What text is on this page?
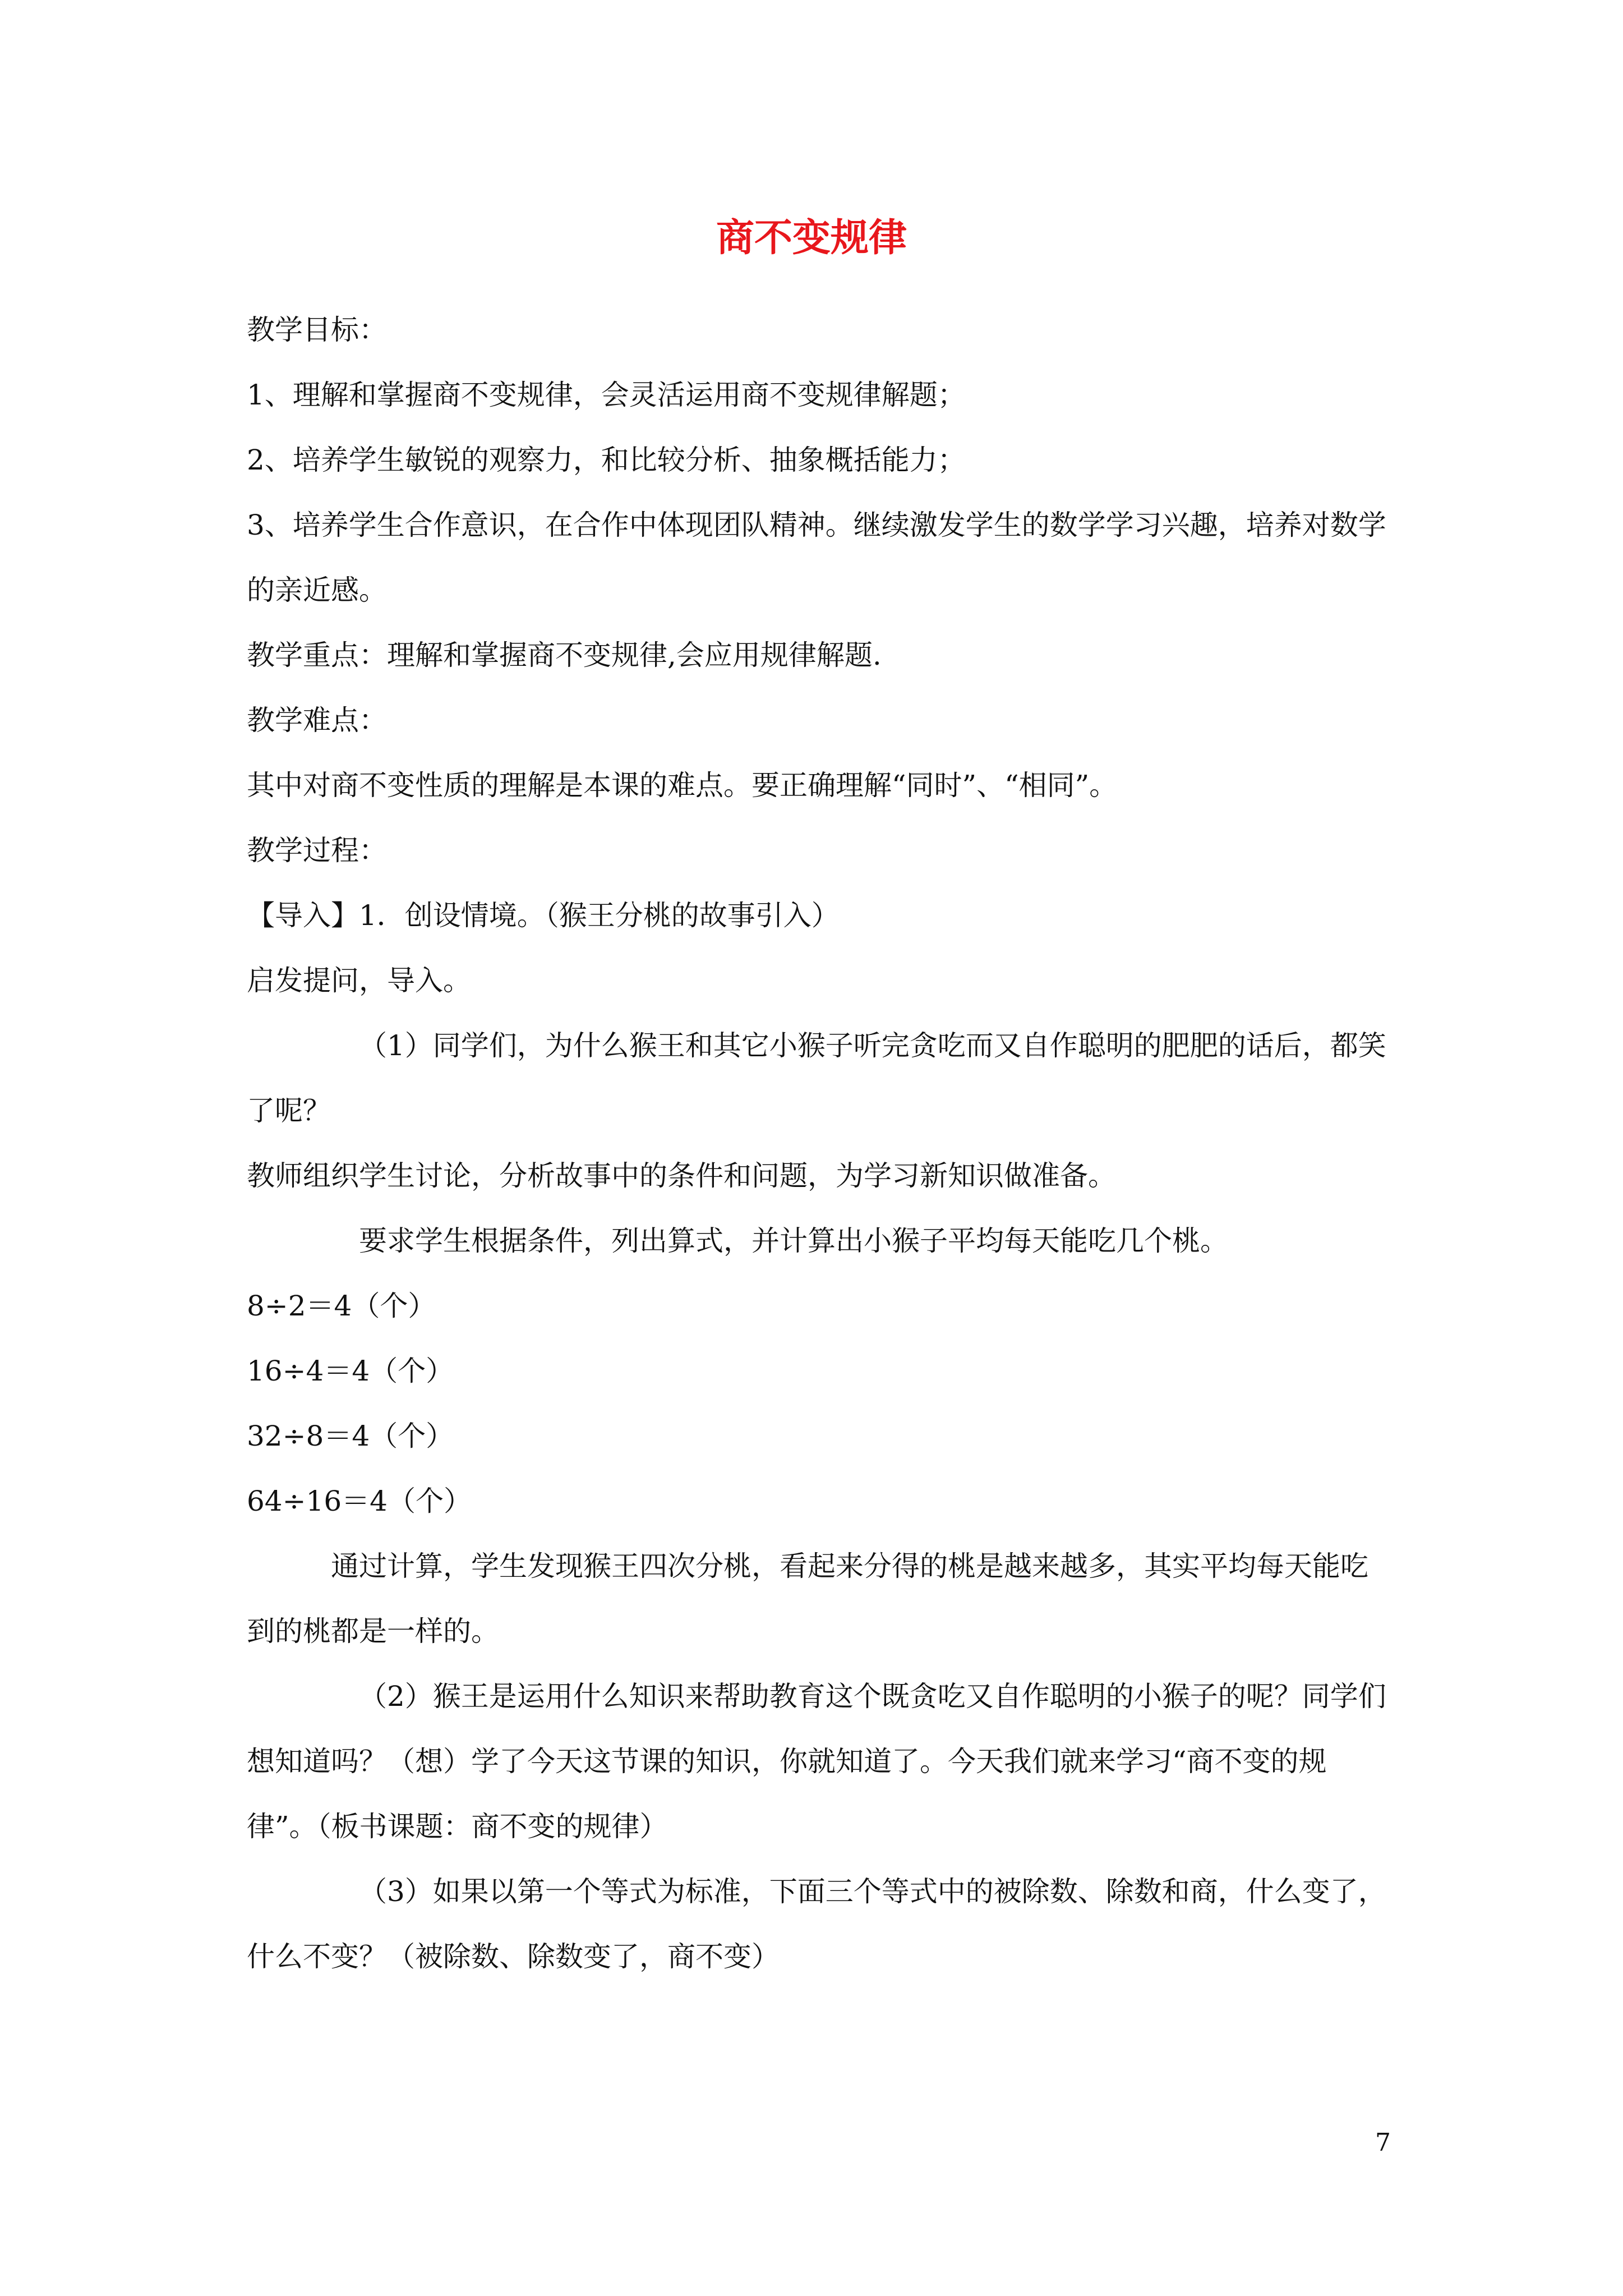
商不变规律

教学目标：

1、理解和掌握商不变规律，会灵活运用商不变规律解题；

2、培养学生敏锐的观察力，和比较分析、抽象概括能力；

3、培养学生合作意识，在合作中体现团队精神。继续激发学生的数学学习兴趣，培养对数学的亲近感。

教学重点：理解和掌握商不变规律,会应用规律解题.

教学难点：

其中对商不变性质的理解是本课的难点。要正确理解“同时”、“相同”。

教学过程：

【导入】1．创设情境。（猴王分桃的故事引入）

启发提问，导入。

（1）同学们，为什么猴王和其它小猴子听完贪吃而又自作聪明的肥肥的话后，都笑了呢？

教师组织学生讨论，分析故事中的条件和问题，为学习新知识做准备。

要求学生根据条件，列出算式，并计算出小猴子平均每天能吃几个桃。

8÷2＝4（个）

16÷4＝4（个）

32÷8＝4（个）

64÷16＝4（个）

通过计算，学生发现猴王四次分桃，看起来分得的桃是越来越多，其实平均每天能吃到的桃都是一样的。

（2）猴王是运用什么知识来帮助教育这个既贪吃又自作聪明的小猴子的呢？同学们想知道吗？（想）学了今天这节课的知识，你就知道了。今天我们就来学习“商不变的规律”。（板书课题：商不变的规律）

（3）如果以第一个等式为标准，下面三个等式中的被除数、除数和商，什么变了，什么不变？（被除数、除数变了，商不变）

7
